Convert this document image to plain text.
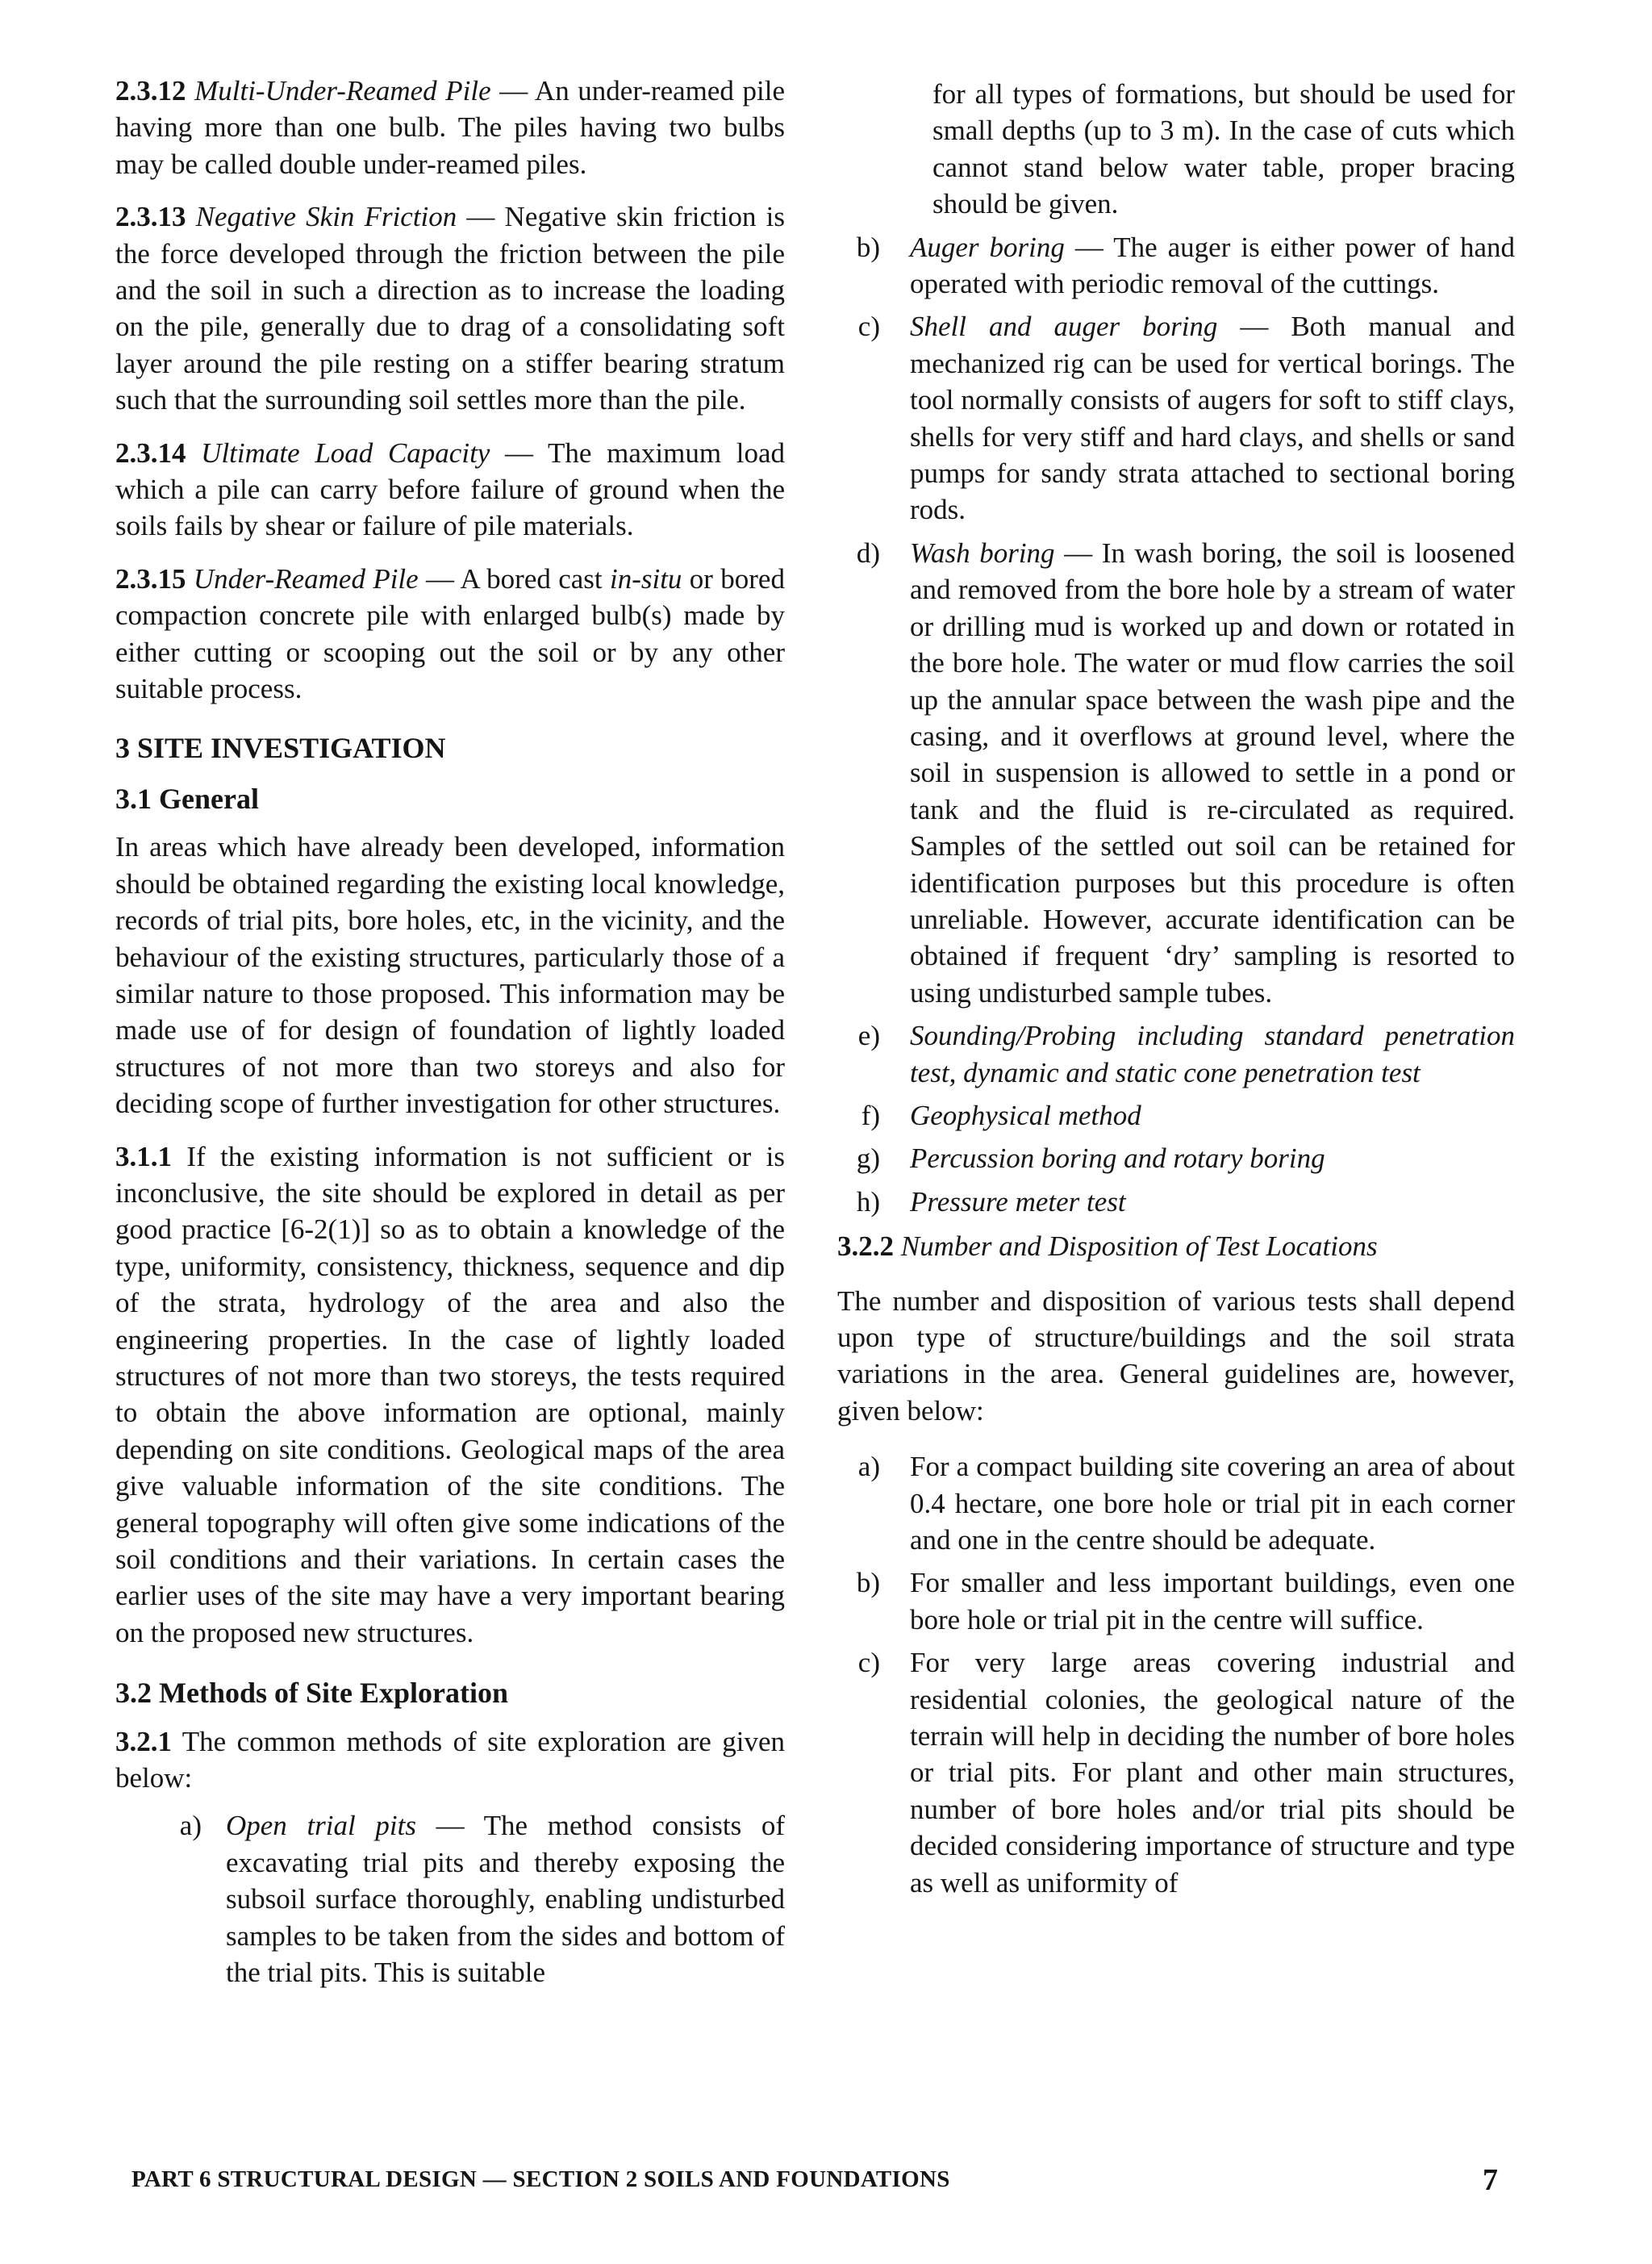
2.3.12 Multi-Under-Reamed Pile — An under-reamed pile having more than one bulb. The piles having two bulbs may be called double under-reamed piles.

2.3.13 Negative Skin Friction — Negative skin friction is the force developed through the friction between the pile and the soil in such a direction as to increase the loading on the pile, generally due to drag of a consolidating soft layer around the pile resting on a stiffer bearing stratum such that the surrounding soil settles more than the pile.

2.3.14 Ultimate Load Capacity — The maximum load which a pile can carry before failure of ground when the soils fails by shear or failure of pile materials.

2.3.15 Under-Reamed Pile — A bored cast in-situ or bored compaction concrete pile with enlarged bulb(s) made by either cutting or scooping out the soil or by any other suitable process.

3 SITE INVESTIGATION

3.1 General

In areas which have already been developed, information should be obtained regarding the existing local knowledge, records of trial pits, bore holes, etc, in the vicinity, and the behaviour of the existing structures, particularly those of a similar nature to those proposed. This information may be made use of for design of foundation of lightly loaded structures of not more than two storeys and also for deciding scope of further investigation for other structures.

3.1.1 If the existing information is not sufficient or is inconclusive, the site should be explored in detail as per good practice [6-2(1)] so as to obtain a knowledge of the type, uniformity, consistency, thickness, sequence and dip of the strata, hydrology of the area and also the engineering properties. In the case of lightly loaded structures of not more than two storeys, the tests required to obtain the above information are optional, mainly depending on site conditions. Geological maps of the area give valuable information of the site conditions. The general topography will often give some indications of the soil conditions and their variations. In certain cases the earlier uses of the site may have a very important bearing on the proposed new structures.

3.2 Methods of Site Exploration

3.2.1 The common methods of site exploration are given below:

a) Open trial pits — The method consists of excavating trial pits and thereby exposing the subsoil surface thoroughly, enabling undisturbed samples to be taken from the sides and bottom of the trial pits. This is suitable

for all types of formations, but should be used for small depths (up to 3 m). In the case of cuts which cannot stand below water table, proper bracing should be given.

b)	Auger boring — The auger is either power of hand operated with periodic removal of the cuttings.
c)	Shell and auger boring — Both manual and mechanized rig can be used for vertical borings. The tool normally consists of augers for soft to stiff clays, shells for very stiff and hard clays, and shells or sand pumps for sandy strata attached to sectional boring rods.
d)	Wash boring — In wash boring, the soil is loosened and removed from the bore hole by a stream of water or drilling mud is worked up and down or rotated in the bore hole. The water or mud flow carries the soil up the annular space between the wash pipe and the casing, and it overflows at ground level, where the soil in suspension is allowed to settle in a pond or tank and the fluid is re-circulated as required. Samples of the settled out soil can be retained for identification purposes but this procedure is often unreliable. However, accurate identification can be obtained if frequent ‘dry’ sampling is resorted to using undisturbed sample tubes.
e)	Sounding/Probing including standard penetration test, dynamic and static cone penetration test
f)	Geophysical method
g)	Percussion boring and rotary boring
h)	Pressure meter test

3.2.2 Number and Disposition of Test Locations

The number and disposition of various tests shall depend upon type of structure/buildings and the soil strata variations in the area. General guidelines are, however, given below:

a)	For a compact building site covering an area of about 0.4 hectare, one bore hole or trial pit in each corner and one in the centre should be adequate.
b)	For smaller and less important buildings, even one bore hole or trial pit in the centre will suffice.
c)	For very large areas covering industrial and residential colonies, the geological nature of the terrain will help in deciding the number of bore holes or trial pits. For plant and other main structures, number of bore holes and/or trial pits should be decided considering importance of structure and type as well as uniformity of
PART 6 STRUCTURAL DESIGN — SECTION 2 SOILS AND FOUNDATIONS	7
